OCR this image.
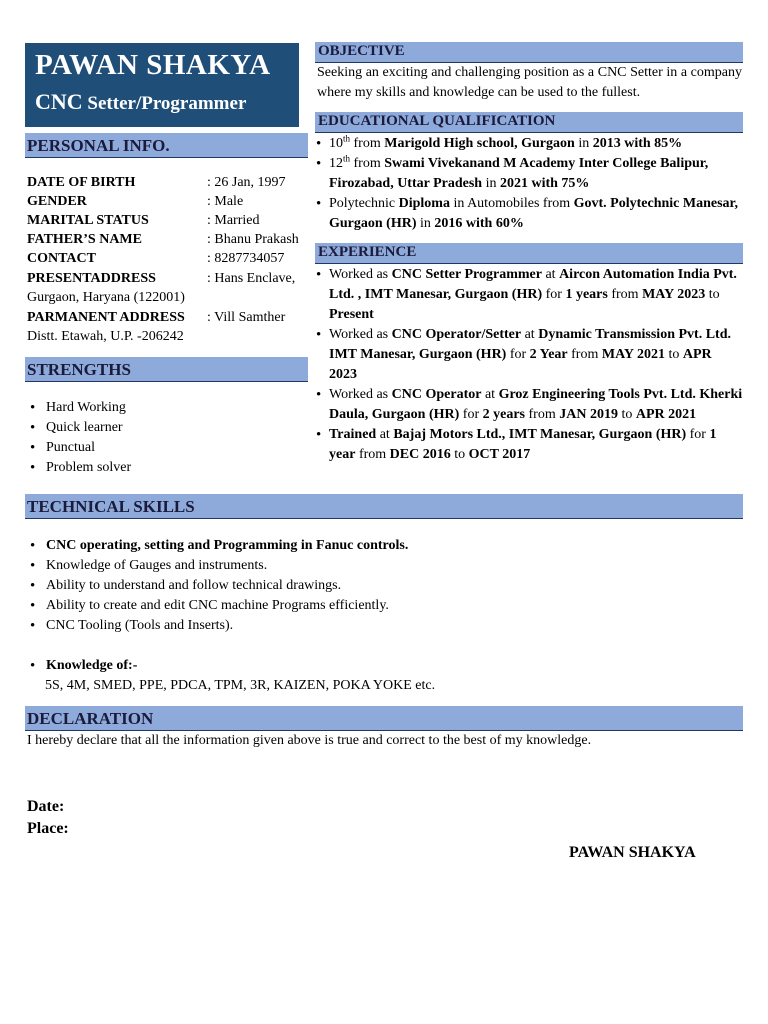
PAWAN SHAKYA
CNC Setter/Programmer
PERSONAL INFO.
DATE OF BIRTH	: 26 Jan, 1997
GENDER	: Male
MARITAL STATUS	: Married
FATHER’S NAME	: Bhanu Prakash
CONTACT	: 8287734057
PRESENTADDRESS	: Hans Enclave,
Gurgaon, Haryana (122001)
PARMANENT ADDRESS : Vill Samther
Distt. Etawah, U.P. -206242
STRENGTHS
• Hard Working
• Quick learner
• Punctual
• Problem solver
OBJECTIVE
Seeking an exciting and challenging position as a CNC Setter in a company where my skills and knowledge can be used to the fullest.
EDUCATIONAL QUALIFICATION
• 10th from Marigold High school, Gurgaon in 2013 with 85%
• 12th from Swami Vivekanand M Academy Inter College Balipur, Firozabad, Uttar Pradesh in 2021 with 75%
• Polytechnic Diploma in Automobiles from Govt. Polytechnic Manesar, Gurgaon (HR) in 2016 with 60%
EXPERIENCE
• Worked as CNC Setter Programmer at Aircon Automation India Pvt. Ltd. , IMT Manesar, Gurgaon (HR) for 1 years from MAY 2023 to Present
• Worked as CNC Operator/Setter at Dynamic Transmission Pvt. Ltd. IMT Manesar, Gurgaon (HR) for 2 Year from MAY 2021 to APR 2023
• Worked as CNC Operator at Groz Engineering Tools Pvt. Ltd. Kherki Daula, Gurgaon (HR) for 2 years from JAN 2019 to APR 2021
• Trained at Bajaj Motors Ltd., IMT Manesar, Gurgaon (HR) for 1 year from DEC 2016 to OCT 2017
TECHNICAL SKILLS
• CNC operating, setting and Programming in Fanuc controls.
• Knowledge of Gauges and instruments.
• Ability to understand and follow technical drawings.
• Ability to create and edit CNC machine Programs efficiently.
• CNC Tooling (Tools and Inserts).
• Knowledge of:-
5S, 4M, SMED, PPE, PDCA, TPM, 3R, KAIZEN, POKA YOKE etc.
DECLARATION
I hereby declare that all the information given above is true and correct to the best of my knowledge.
Date:
Place:
PAWAN SHAKYA
